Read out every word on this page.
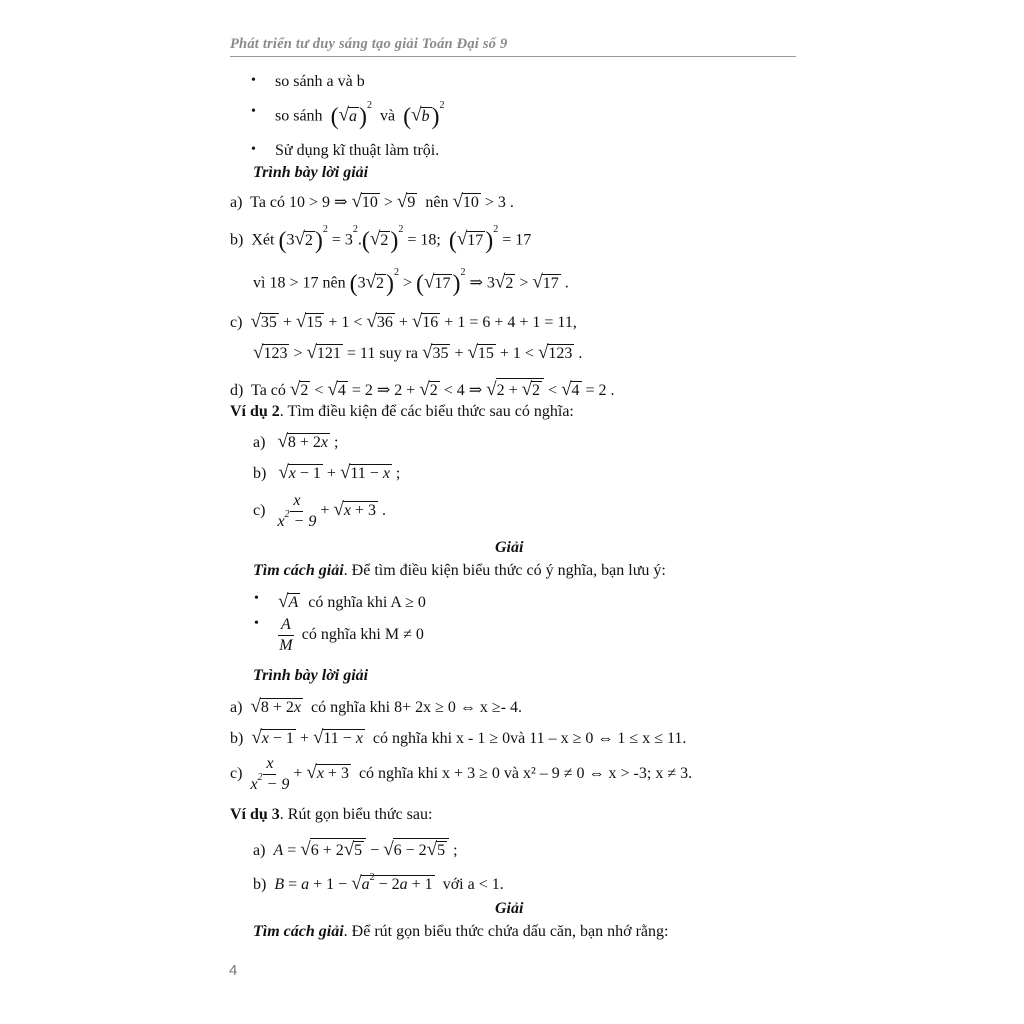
Phát triển tư duy sáng tạo giải Toán Đại số 9
• so sánh a và b
• so sánh $(√a)^2$  và $(√b)^2$
• Sử dụng kĩ thuật làm trội.
Trình bày lời giải
a) Ta có 10 > 9 ⇒ √10 > √9 nên √10 > 3 .
b) Xét $(3√2)^2 = 3^2.(√2)^2 = 18$;  $(√17)^2 = 17$
vì 18 > 17 nên $(3√2)^2 > (√17)^2$ ⇒ 3√2 > √17 .
c) √35 + √15 + 1 < √36 + √16 + 1 = 6 + 4 + 1 = 11,
√123 > √121 = 11 suy ra √35 + √15 + 1 < √123 .
d) Ta có √2 < √4 = 2 ⇒ 2 + √2 < 4 ⇒ √2 + √2 < √4 = 2 .
Ví dụ 2. Tìm điều kiện để các biểu thức sau có nghĩa:
a) √8 + 2x ;
b) √x − 1 + √11 − x ;
$c) \frac{x}{x^2 - 9} + √x + 3$ .
Giải
Tìm cách giải. Để tìm điều kiện biểu thức có ý nghĩa, bạn lưu ý:
• √A có nghĩa khi A ≥ 0
• $\frac{A}{M}$ có nghĩa khi M ≠ 0
Trình bày lời giải
a) √8 + 2x có nghĩa khi 8+ 2x ≥ 0 ⇔ x ≥- 4.
b) √x − 1 + √11 − x có nghĩa khi x - 1 ≥ 0và 11 – x ≥ 0 ⇔ 1 ≤ x ≤ 11.
$c) \frac{x}{x^2 - 9} + √x + 3$ có nghĩa khi x + 3 ≥ 0 và x² – 9 ≠ 0 ⇔ x > -3; x ≠ 3.
Ví dụ 3. Rút gọn biểu thức sau:
a) A = √6 + 2√5 − √6 − 2√5 ;
b) $B = a + 1 - √a^2 - 2a + 1$ với a < 1.
Giải
Tìm cách giải. Để rút gọn biểu thức chứa dấu căn, bạn nhớ rằng:
4
